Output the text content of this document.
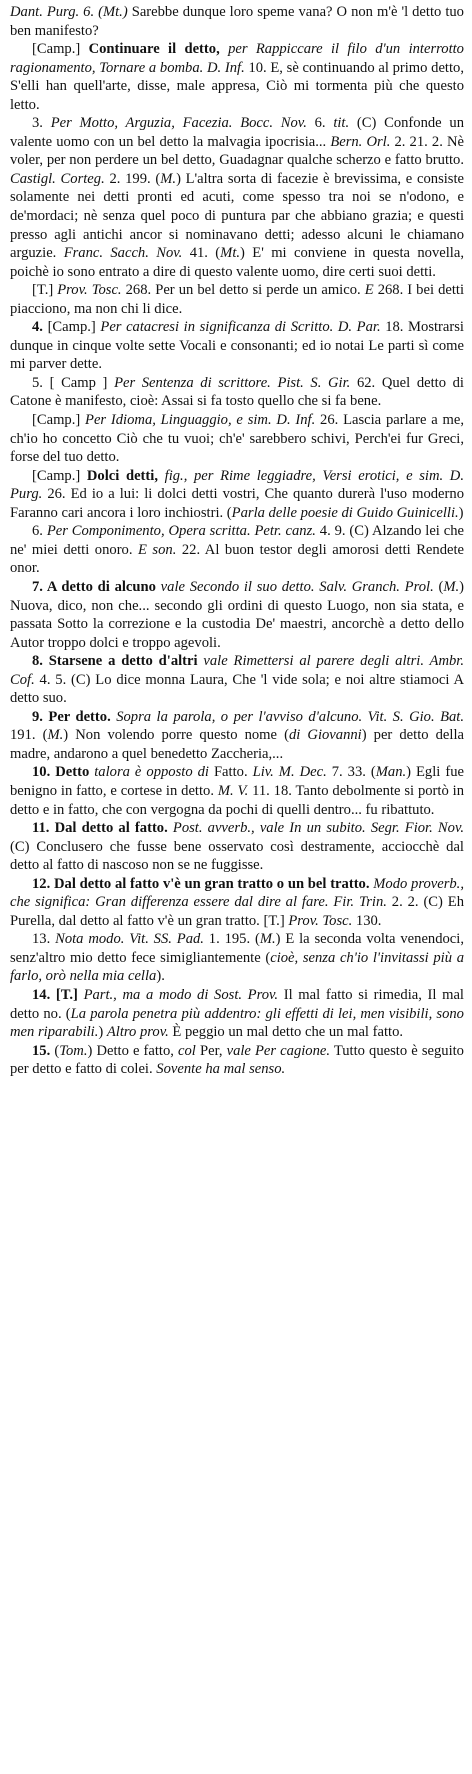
Dant. Purg. 6. (Mt.) Sarebbe dunque loro speme vana? O non m'è 'l detto tuo ben manifesto?

[Camp.] Continuare il detto, per Rappiccare il filo d'un interrotto ragionamento, Tornare a bomba. D. Inf. 10. E, sè continuando al primo detto, S'elli han quell'arte, disse, male appresa, Ciò mi tormenta più che questo letto.

3. Per Motto, Arguzia, Facezia. Bocc. Nov. 6. tit. (C) Confonde un valente uomo con un bel detto la malvagia ipocrisia... Bern. Orl. 2. 21. 2. Nè voler, per non perdere un bel detto, Guadagnar qualche scherzo e fatto brutto. Castigl. Corteg. 2. 199. (M.) L'altra sorta di facezie è brevissima, e consiste solamente nei detti pronti ed acuti, come spesso tra noi se n'odono, e de'mordaci; nè senza quel poco di puntura par che abbiano grazia; e questi presso agli antichi ancor si nominavano detti; adesso alcuni le chiamano arguzie. Franc. Sacch. Nov. 41. (Mt.) E' mi conviene in questa novella, poichè io sono entrato a dire di questo valente uomo, dire certi suoi detti.

[T.] Prov. Tosc. 268. Per un bel detto si perde un amico. E 268. I bei detti piacciono, ma non chi li dice.

4. [Camp.] Per catacresi in significanza di Scritto. D. Par. 18. Mostrarsi dunque in cinque volte sette Vocali e consonanti; ed io notai Le parti sì come mi parver dette.

5. [ Camp ] Per Sentenza di scrittore. Pist. S. Gir. 62. Quel detto di Catone è manifesto, cioè: Assai si fa tosto quello che si fa bene.

[Camp.] Per Idioma, Linguaggio, e sim. D. Inf. 26. Lascia parlare a me, ch'io ho concetto Ciò che tu vuoi; ch'e' sarebbero schivi, Perch'ei fur Greci, forse del tuo detto.

[Camp.] Dolci detti, fig., per Rime leggiadre, Versi erotici, e sim. D. Purg. 26. Ed io a lui: li dolci detti vostri, Che quanto durerà l'uso moderno Faranno cari ancora i loro inchiostri. (Parla delle poesie di Guido Guinicelli.)

6. Per Componimento, Opera scritta. Petr. canz. 4. 9. (C) Alzando lei che ne' miei detti onoro. E son. 22. Al buon testor degli amorosi detti Rendete onor.

7. A detto di alcuno vale Secondo il suo detto. Salv. Granch. Prol. (M.) Nuova, dico, non che... secondo gli ordini di questo Luogo, non sia stata, e passata Sotto la correzione e la custodia De' maestri, ancorchè a detto dello Autor troppo dolci e troppo agevoli.

8. Starsene a detto d'altri vale Rimettersi al parere degli altri. Ambr. Cof. 4. 5. (C) Lo dice monna Laura, Che 'l vide sola; e noi altre stiamoci A detto suo.

9. Per detto. Sopra la parola, o per l'avviso d'alcuno. Vit. S. Gio. Bat. 191. (M.) Non volendo porre questo nome (di Giovanni) per detto della madre, andarono a quel benedetto Zaccheria,...

10. Detto talora è opposto di Fatto. Liv. M. Dec. 7. 33. (Man.) Egli fue benigno in fatto, e cortese in detto. M. V. 11. 18. Tanto debolmente si portò in detto e in fatto, che con vergogna da pochi di quelli dentro... fu ribattuto.

11. Dal detto al fatto. Post. avverb., vale In un subito. Segr. Fior. Nov. (C) Conclusero che fusse bene osservato così destramente, acciocchè dal detto al fatto di nascoso non se ne fuggisse.

12. Dal detto al fatto v'è un gran tratto o un bel tratto. Modo proverb., che significa: Gran differenza essere dal dire al fare. Fir. Trin. 2. 2. (C) Eh Purella, dal detto al fatto v'è un gran tratto. [T.] Prov. Tosc. 130.

13. Nota modo. Vit. SS. Pad. 1. 195. (M.) E la seconda volta venendoci, senz'altro mio detto fece simigliantemente (cioè, senza ch'io l'invitassi più a farlo, orò nella mia cella).

14. [T.] Part., ma a modo di Sost. Prov. Il mal fatto si rimedia, Il mal detto no. (La parola penetra più addentro: gli effetti di lei, men visibili, sono men riparabili.) Altro prov. È peggio un mal detto che un mal fatto.

15. (Tom.) Detto e fatto, col Per, vale Per cagione. Tutto questo è seguito per detto e fatto di colei. Sovente ha mal senso.
